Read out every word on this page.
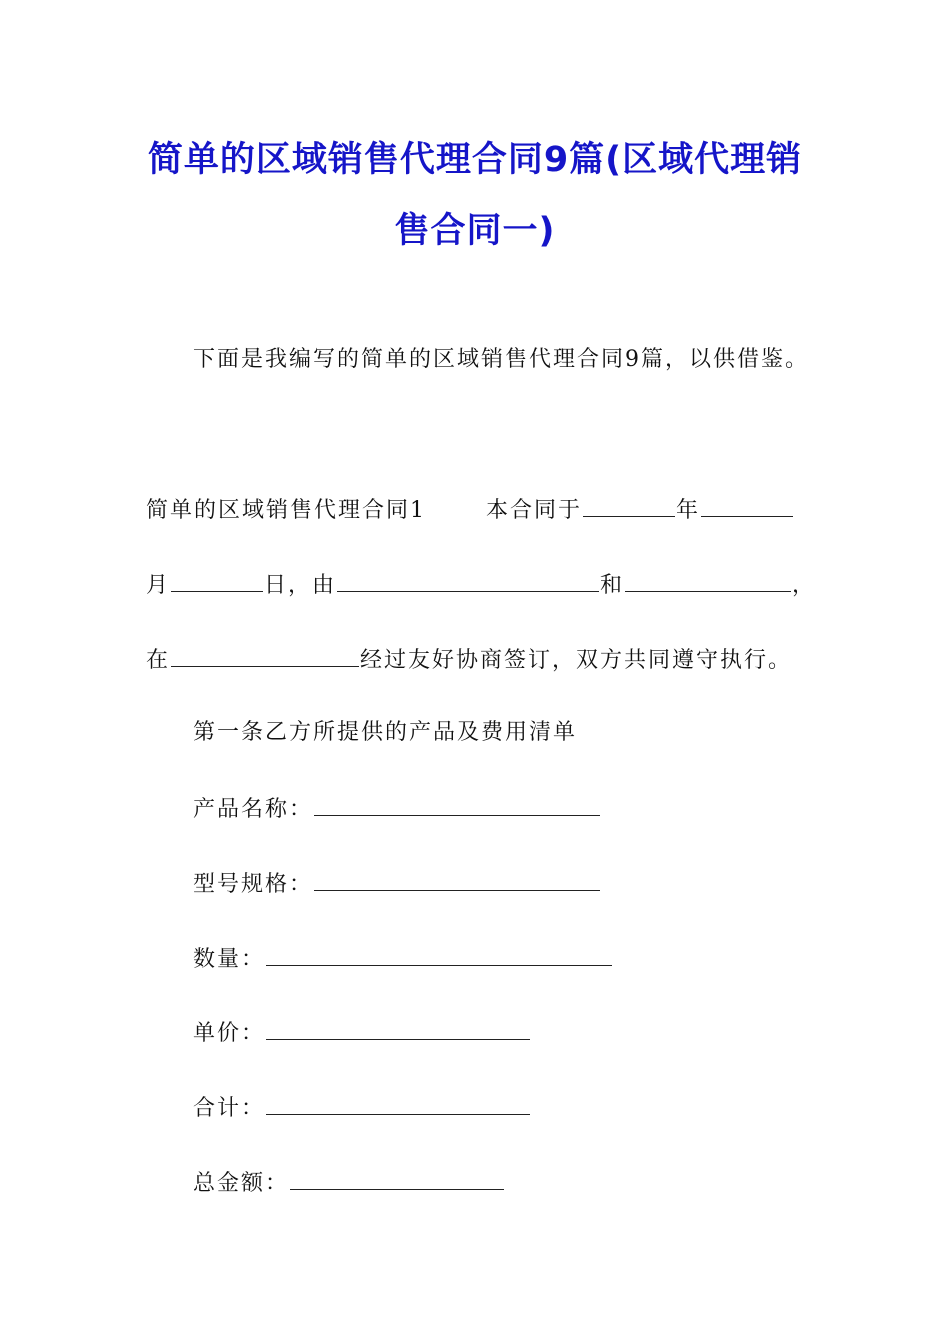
简单的区域销售代理合同9篇(区域代理销
售合同一)
下面是我编写的简单的区域销售代理合同9篇，以供借鉴。
简单的区域销售代理合同1	本合同于	年
月	日，由	和	，
在	经过友好协商签订，双方共同遵守执行。
第一条乙方所提供的产品及费用清单
产品名称：
型号规格：
数量：
单价：
合计：
总金额：
